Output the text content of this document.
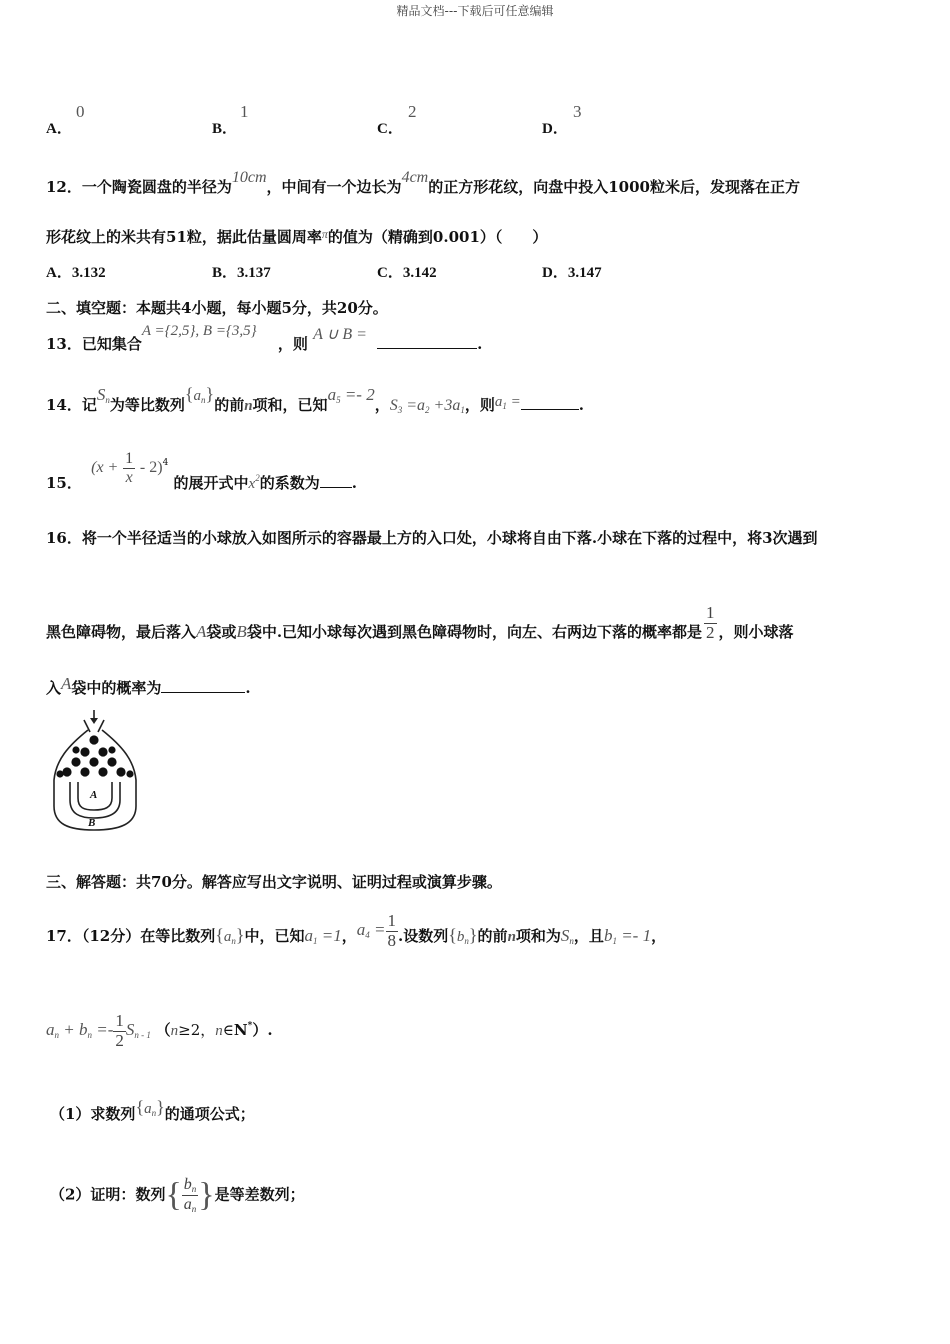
精品文档---下载后可任意编辑
A．
0
B．
1
C．
2
D．
3
12．一个陶瓷圆盘的半径为10cm，中间有一个边长为4cm的正方形花纹，向盘中投入1000粒米后，发现落在正方
形花纹上的米共有51粒，据此估量圆周率$^\pi$的值为（精确到0.001）（　　）
A．3.132	B．3.137	C．3.142	D．3.147
二、填空题：本题共4小题，每小题5分，共20分。
13．已知集合A ={2,5}, B ={3,5}，则 A ∪ B =.
14．记$S_n$为等比数列$\{a_n\}$的前n项和，已知$a_5 =- 2$，$S_3 =a_2 +3a_1$，则$a_1$ =	.
15． $(x + \frac{1}{x} - 2)^4$ 的展开式中$x^2$的系数为 .
16．将一个半径适当的小球放入如图所示的容器最上方的入口处，小球将自由下落.小球在下落的过程中，将3次遇到
黑色障碍物，最后落入A袋或B袋中.已知小球每次遇到黑色障碍物时，向左、右两边下落的概率都是 $\frac{1}{2}$ ，则小球落
入A袋中的概率为	.
A
B
三、解答题：共70分。解答应写出文字说明、证明过程或演算步骤。
17．（12分）在等比数列$\{a_n\}$中，已知$a_1 =1$，$a_4 = \frac{1}{8}$ .设数列$\{b_n\}$的前n项和为$S_n$，且$b_1 =- 1$，
$a_n + b_n =- \frac{1}{2} S_{n - 1}$ （n≥2，n∈N*）.
（1）求数列$\{a_n\}$的通项公式；
（2）证明：数列{ $\frac{b_n}{a_n}$ }是等差数列；
